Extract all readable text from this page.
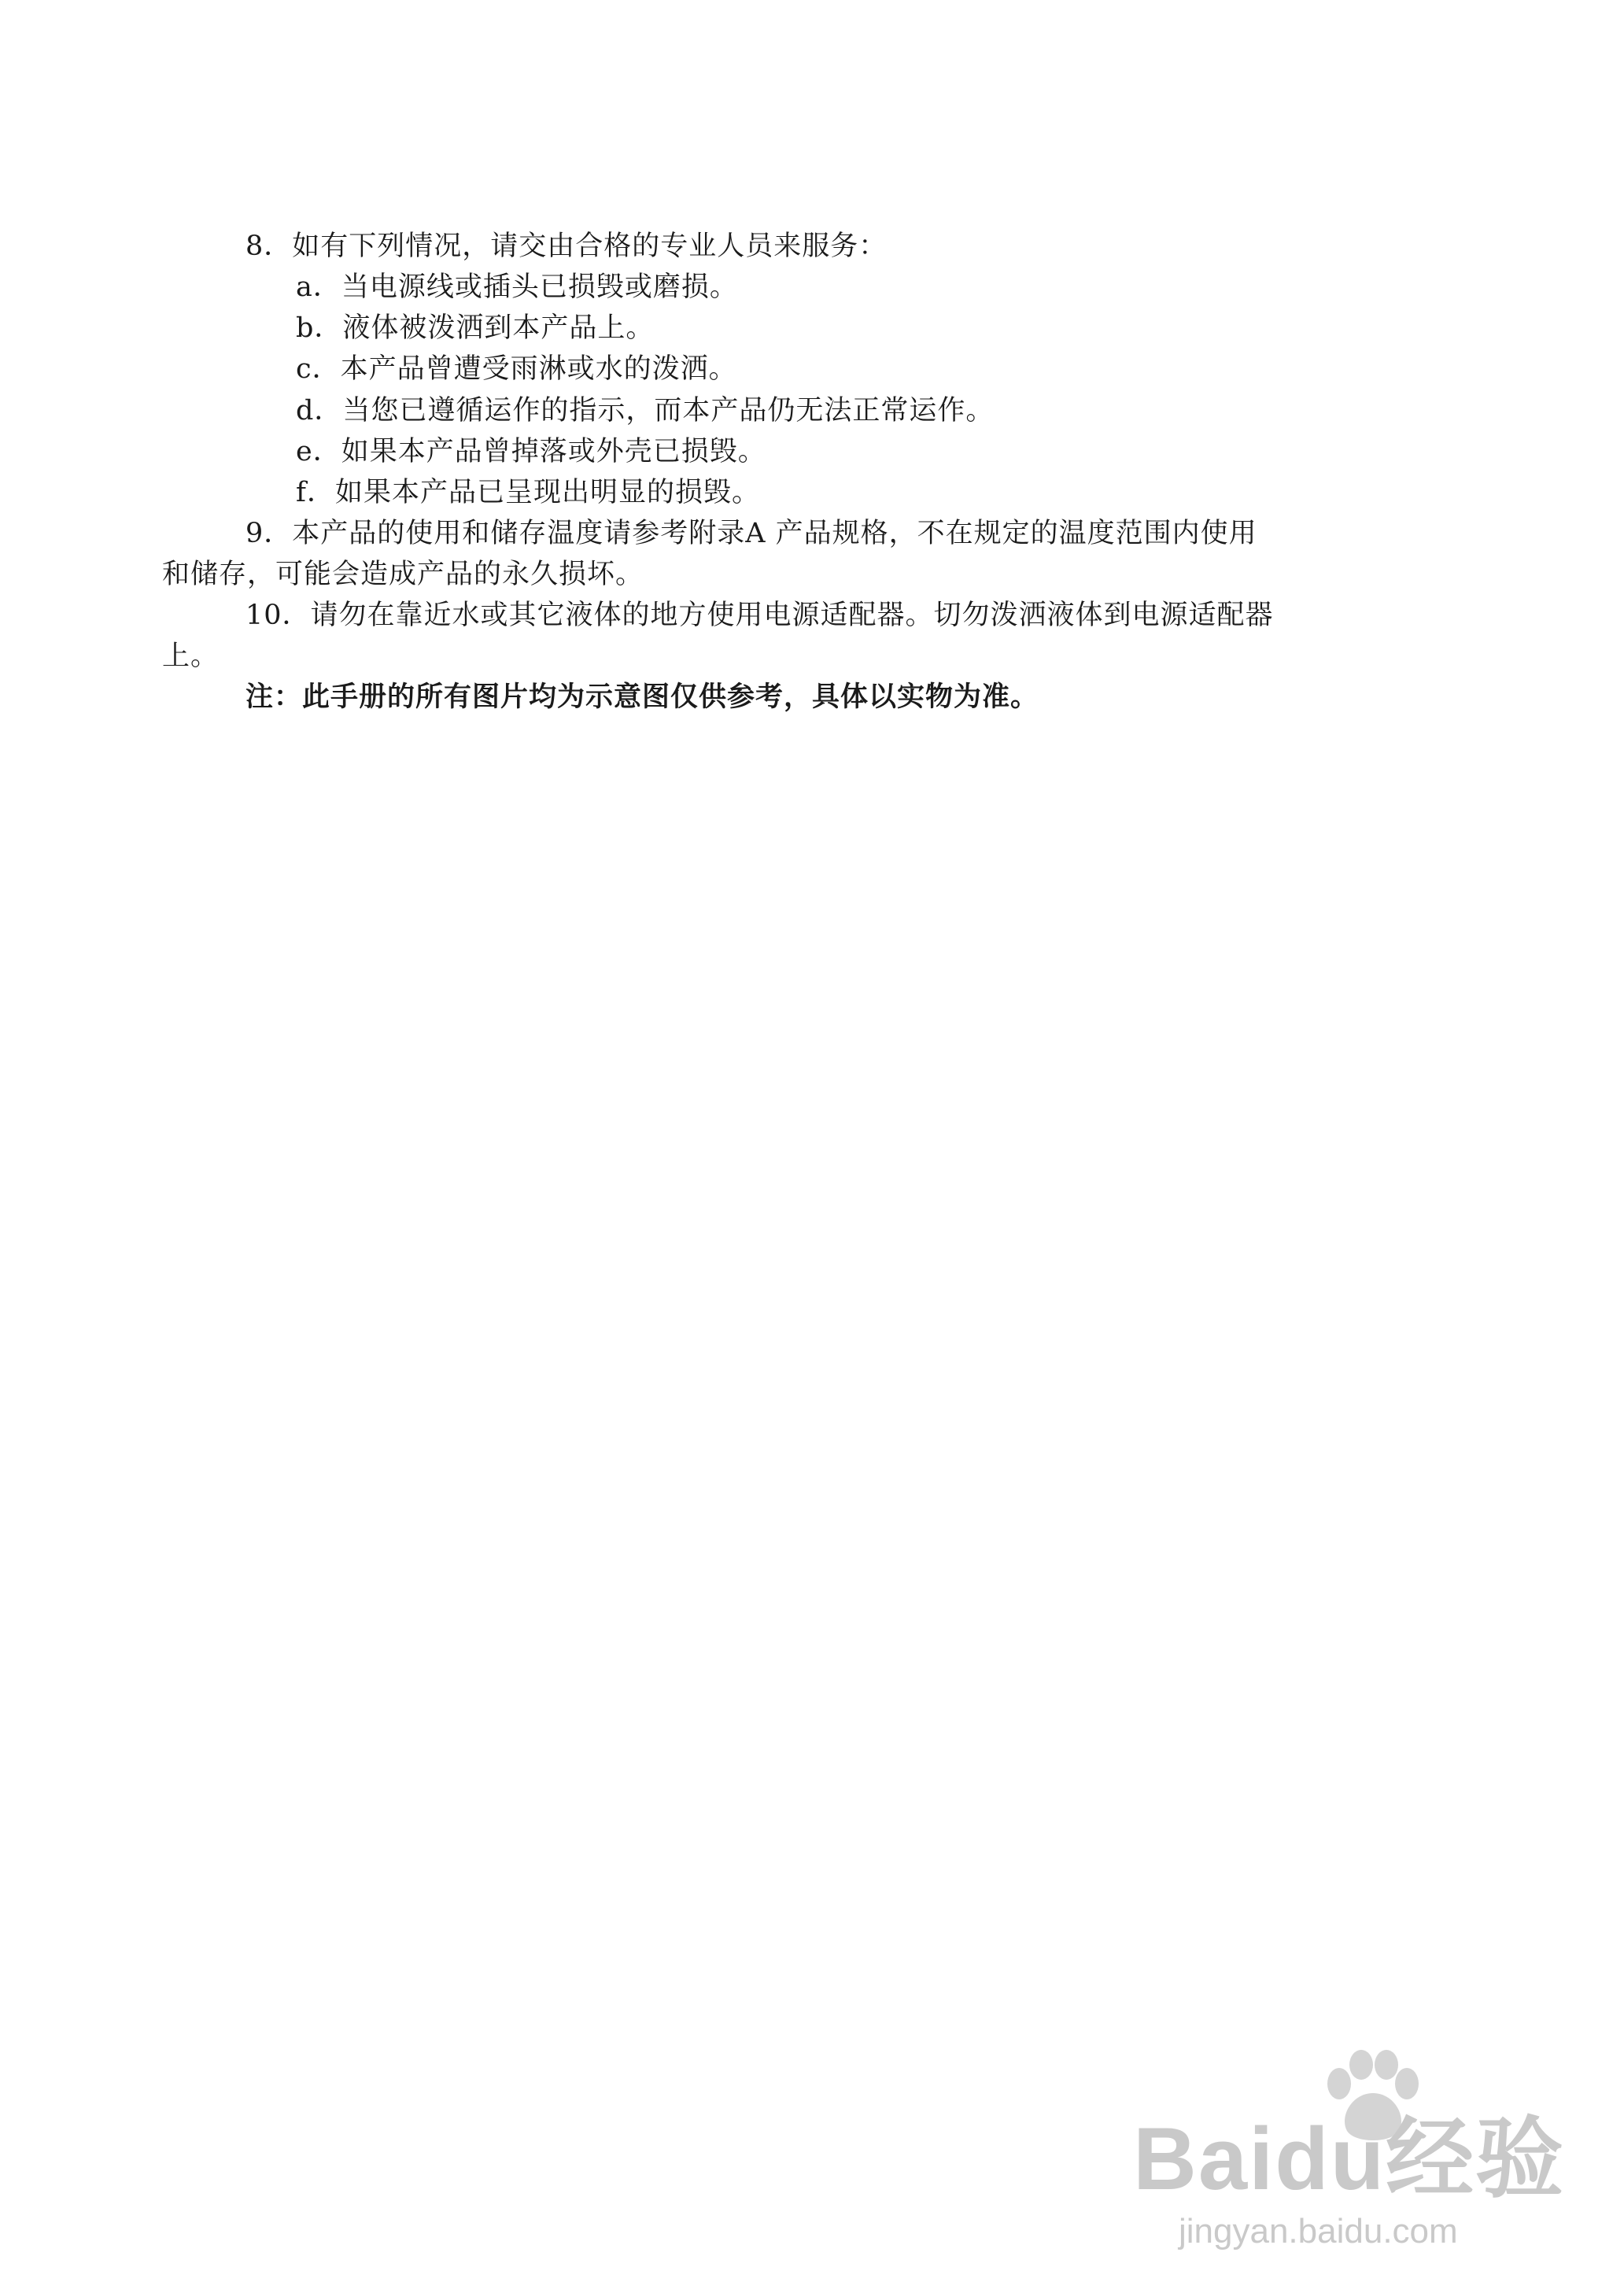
8．如有下列情况，请交由合格的专业人员来服务：
a．当电源线或插头已损毁或磨损。
b．液体被泼洒到本产品上。
c．本产品曾遭受雨淋或水的泼洒。
d．当您已遵循运作的指示，而本产品仍无法正常运作。
e．如果本产品曾掉落或外壳已损毁。
f．如果本产品已呈现出明显的损毁。
9．本产品的使用和储存温度请参考附录A 产品规格，不在规定的温度范围内使用
和储存，可能会造成产品的永久损坏。
10．请勿在靠近水或其它液体的地方使用电源适配器。切勿泼洒液体到电源适配器
上。
注：此手册的所有图片均为示意图仅供参考，具体以实物为准。
Baidu经验
jingyan.baidu.com
